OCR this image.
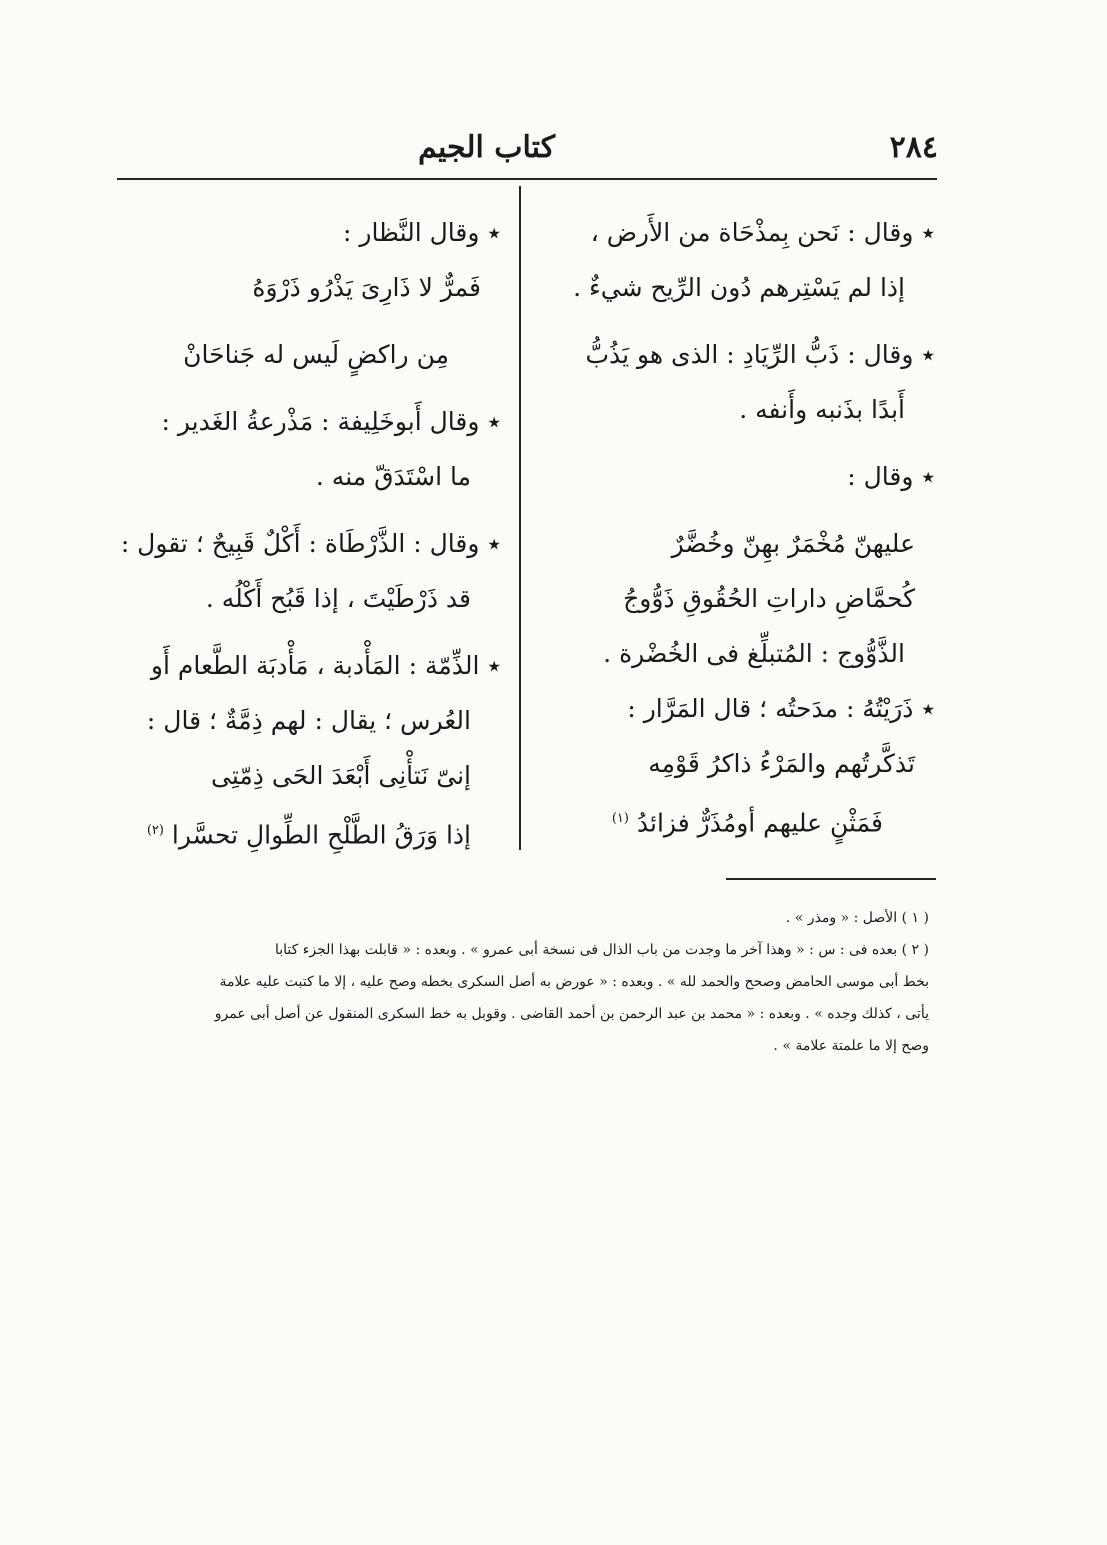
٢٨٤
كتاب الجيم
٭ وقال : نَحن بِمذْحَاة من الأَرض ،
إذا لم يَسْتِرهم دُون الرِّيح شيءٌ .
٭ وقال : ذَبُّ الرِّيَادِ : الذى هو يَذُبُّ
أَبدًا بذَنبه وأَنفه .
٭ وقال :
عليهنّ مُخْمَرٌ بهِنّ وخُضَّرٌ
كُحمَّاضِ داراتِ الحُقُوقِ ذَوُّوجُ
الذَّوُّوج : المُتبلِّغ فى الخُضْرة .
٭ ذَرَيْتُهُ : مدَحتُه ؛ قال المَرَّار :
تَذكَّرتُهم والمَرْءُ ذاكرُ قَوْمِه
فَمَثْنٍ عليهم أومُذَرٌّ فزائدُ $^{(١)}$
٭ وقال النَّظار :
فَمرٌّ لا ذَارِىَ يَذْرُو ذَرْوَهُ
مِن راكضٍ لَيس له جَناحَانْ
٭ وقال أَبوخَلِيفة : مَذْرعةُ الغَدير :
ما اسْتَدَقّ منه .
٭ وقال : الذَّرْطَاة : أَكْلٌ قَبِيحٌ ؛ تقول :
قد ذَرْطَيْتَ ، إذا قَبُح أَكْلُه .
٭ الذِّمّة : المَأْدبة ، مَأْدبَة الطَّعام أَو
العُرس ؛ يقال : لهم ذِمَّةٌ ؛ قال :
إنىّ نَتأْنِى أَبْعَدَ الحَى ذِمّتِى
إذا وَرَقُ الطَّلْحِ الطِّوالِ تحسَّرا $^{(٢)}$
( ١ ) الأصل : « ومذر » .
( ٢ ) بعده فى : س : « وهذا آخر ما وجدت من باب الذال فى نسخة أبى عمرو » . وبعده : « قابلت بهذا الجزء كتابا
بخط أبى موسى الحامض وصحح والحمد لله » . وبعده : « عورض به أصل السكرى بخطه وصح عليه ، إلا ما كتبت عليه علامة
يأتى ، كذلك وجده » . وبعده : « محمد بن عبد الرحمن بن أحمد القاضى . وقوبل به خط السكرى المنقول عن أصل أبى عمرو
وصح إلا ما علمتة علامة » .
